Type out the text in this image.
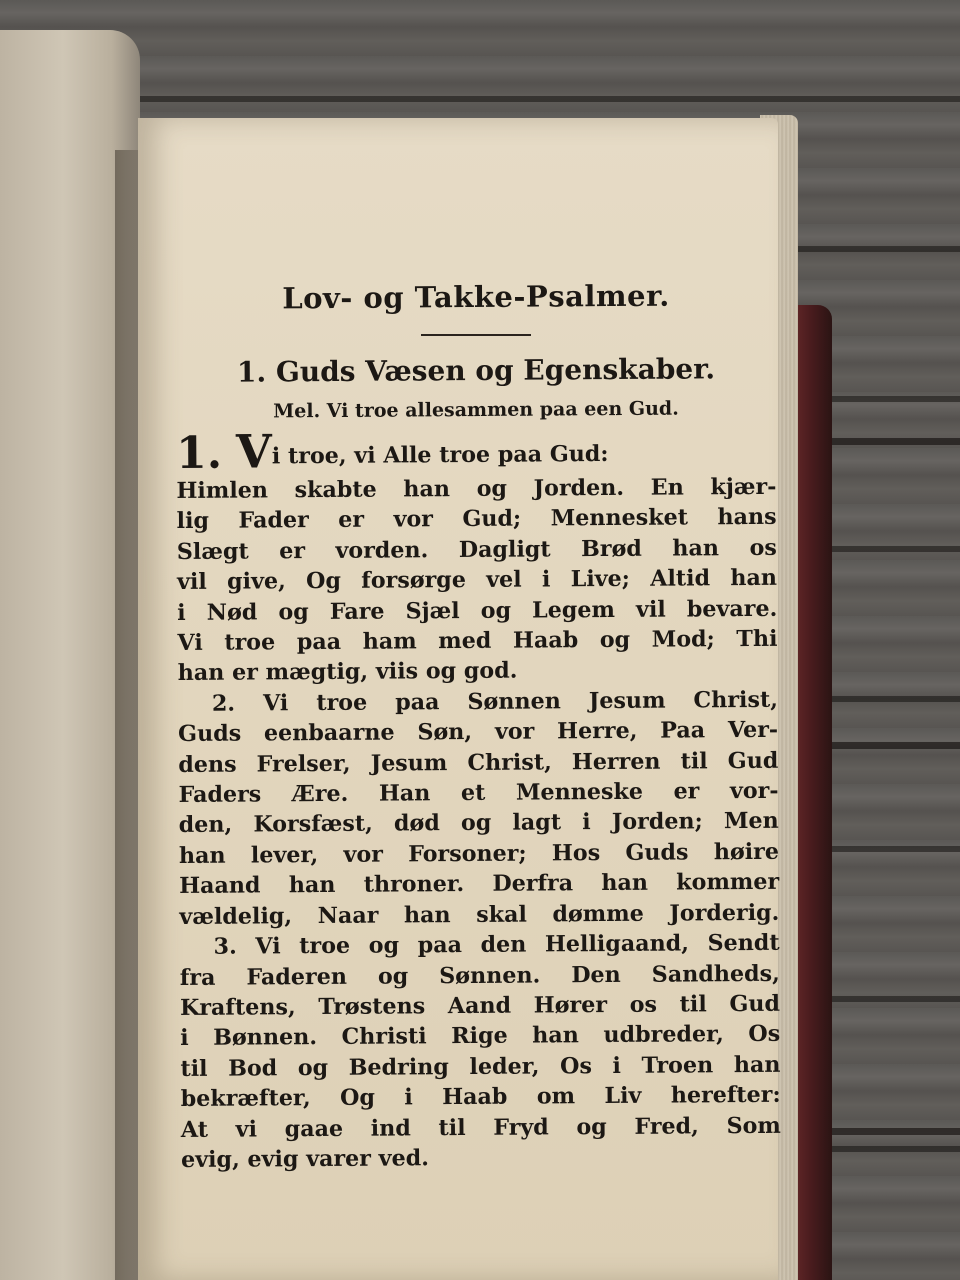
Lov- og Takke-Psalmer.
1. Guds Væsen og Egenskaber.
Mel. Vi troe allesammen paa een Gud.
1. Vi troe, vi Alle troe paa Gud:
Himlen skabte han og Jorden. En kjær-
lig Fader er vor Gud; Mennesket hans
Slægt er vorden. Dagligt Brød han os
vil give, Og forsørge vel i Live; Altid han
i Nød og Fare Sjæl og Legem vil bevare.
Vi troe paa ham med Haab og Mod; Thi
han er mægtig, viis og god.
2. Vi troe paa Sønnen Jesum Christ,
Guds eenbaarne Søn, vor Herre, Paa Ver-
dens Frelser, Jesum Christ, Herren til Gud
Faders Ære. Han et Menneske er vor-
den, Korsfæst, død og lagt i Jorden; Men
han lever, vor Forsoner; Hos Guds høire
Haand han throner. Derfra han kommer
vældelig, Naar han skal dømme Jorderig.
3. Vi troe og paa den Helligaand, Sendt
fra Faderen og Sønnen. Den Sandheds,
Kraftens, Trøstens Aand Hører os til Gud
i Bønnen. Christi Rige han udbreder, Os
til Bod og Bedring leder, Os i Troen han
bekræfter, Og i Haab om Liv herefter:
At vi gaae ind til Fryd og Fred, Som
evig, evig varer ved.
